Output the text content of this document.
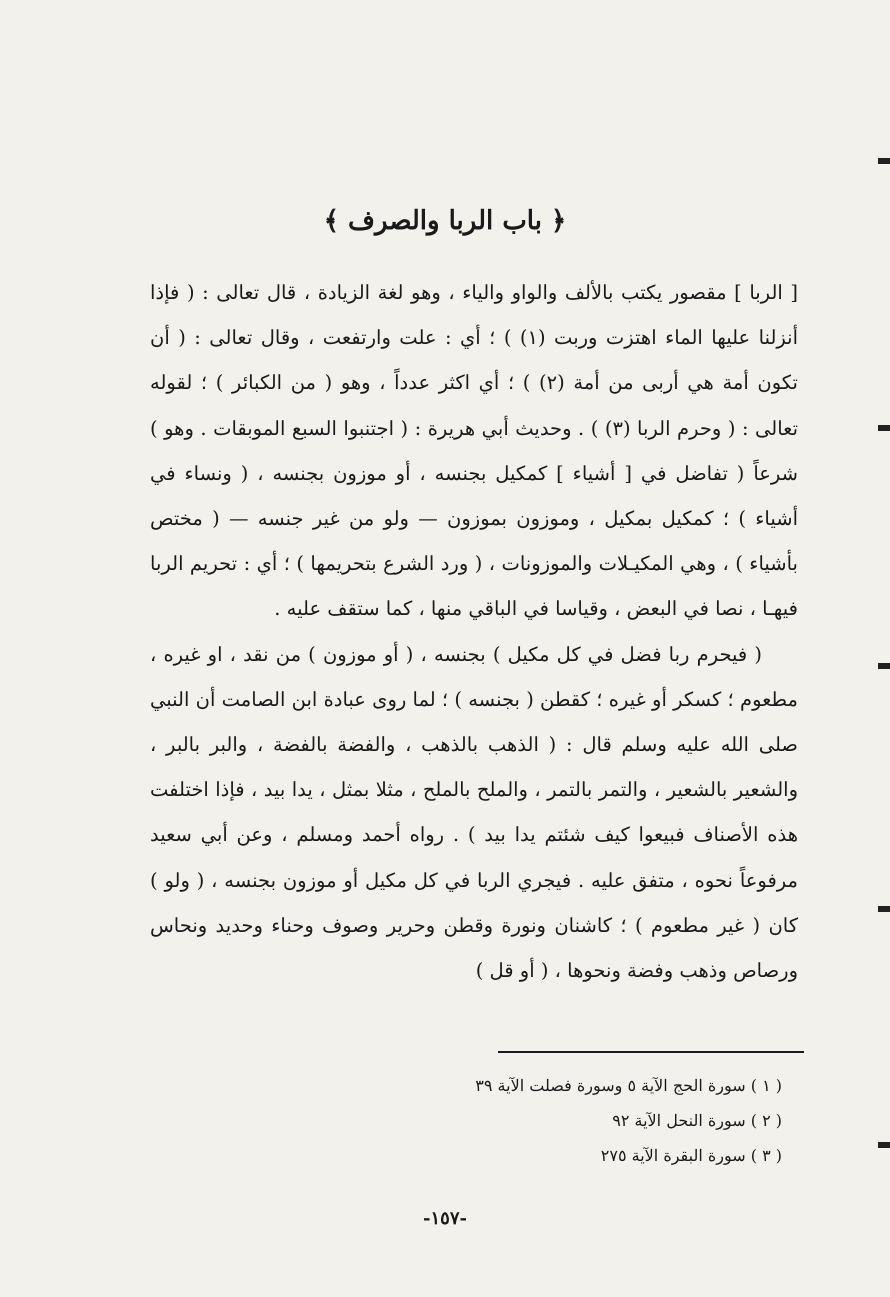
﴿ باب الربا والصرف ﴾

[ الربا ] مقصور يكتب بالألف والواو والياء ، وهو لغة الزيادة ، قال تعالى : ( فإذا أنزلنا عليها الماء اهتزت وربت (١) ) ؛ أي : علت وارتفعت ، وقال تعالى : ( أن تكون أمة هي أربى من أمة (٢) ) ؛ أي اكثر عدداً ، وهو ( من الكبائر ) ؛ لقوله تعالى : ( وحرم الربا (٣) ) . وحديث أبي هريرة : ( اجتنبوا السبع الموبقات . وهو ) شرعاً ( تفاضل في [ أشياء ] كمكيل بجنسه ، أو موزون بجنسه ، ( ونساء في أشياء ) ؛ كمكيل بمكيل ، وموزون بموزون — ولو من غير جنسه — ( مختص بأشياء ) ، وهي المكيـلات والموزونات ، ( ورد الشرع بتحريمها ) ؛ أي : تحريم الربا فيهـا ، نصا في البعض ، وقياسا في الباقي منها ، كما ستقف عليه .

( فيحرم ربا فضل في كل مكيل ) بجنسه ، ( أو موزون ) من نقد ، او غيره ، مطعوم ؛ كسكر أو غيره ؛ كقطن ( بجنسه ) ؛ لما روى عبادة ابن الصامت أن النبي صلى الله عليه وسلم قال : ( الذهب بالذهب ، والفضة بالفضة ، والبر بالبر ، والشعير بالشعير ، والتمر بالتمر ، والملح بالملح ، مثلا بمثل ، يدا بيد ، فإذا اختلفت هذه الأصناف فبيعوا كيف شئتم يدا بيد ) . رواه أحمد ومسلم ، وعن أبي سعيد مرفوعاً نحوه ، متفق عليه . فيجري الربا في كل مكيل أو موزون بجنسه ، ( ولو ) كان ( غير مطعوم ) ؛ كاشنان ونورة وقطن وحرير وصوف وحناء وحديد ونحاس ورصاص وذهب وفضة ونحوها ، ( أو قل )

( ١ ) سورة الحج الآية ٥ وسورة فصلت الآية ٣٩
( ٢ ) سورة النحل الآية ٩٢
( ٣ ) سورة البقرة الآية ٢٧٥
-١٥٧-
